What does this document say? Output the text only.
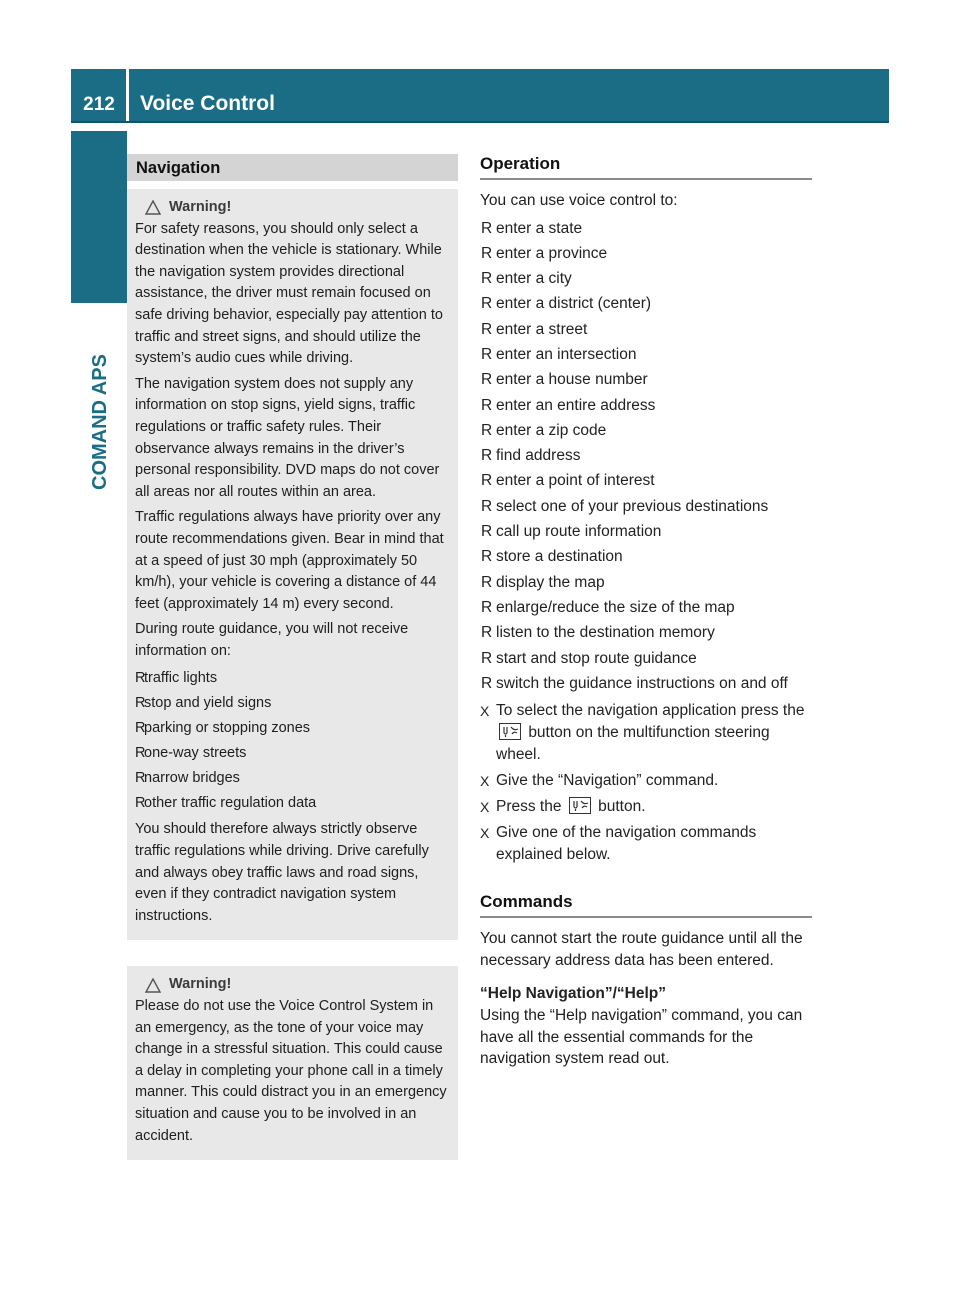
212	Voice Control
COMAND APS
Navigation
Warning!

For safety reasons, you should only select a destination when the vehicle is stationary. While the navigation system provides directional assistance, the driver must remain focused on safe driving behavior, especially pay attention to traffic and street signs, and should utilize the system’s audio cues while driving.

The navigation system does not supply any information on stop signs, yield signs, traffic regulations or traffic safety rules. Their observance always remains in the driver’s personal responsibility. DVD maps do not cover all areas nor all routes within an area.

Traffic regulations always have priority over any route recommendations given. Bear in mind that at a speed of just 30 mph (approximately 50 km/h), your vehicle is covering a distance of 44 feet (approximately 14 m) every second.

During route guidance, you will not receive information on:

R
traffic lights
R
stop and yield signs
R
parking or stopping zones
R
one-way streets
R
narrow bridges
R
other traffic regulation data

You should therefore always strictly observe traffic regulations while driving. Drive carefully and always obey traffic laws and road signs, even if they contradict navigation system instructions.

Warning!

Please do not use the Voice Control System in an emergency, as the tone of your voice may change in a stressful situation. This could cause a delay in completing your phone call in a timely manner. This could distract you in an emergency situation and cause you to be involved in an accident.

Operation

You can use voice control to:

R enter a state
R enter a province
R enter a city
R enter a district (center)
R enter a street
R enter an intersection
R enter a house number
R enter an entire address
R enter a zip code
R find address
R enter a point of interest
R select one of your previous destinations
R call up route information
R store a destination
R display the map
R enlarge/reduce the size of the map
R listen to the destination memory
R start and stop route guidance
R switch the guidance instructions on and off
X To select the navigation application press the  button on the multifunction steering wheel.
X Give the “Navigation” command.
X Press the button.
X Give one of the navigation commands explained below.
Commands

You cannot start the route guidance until all the necessary address data has been entered.

“Help Navigation”/“Help”

Using the “Help navigation” command, you can have all the essential commands for the navigation system read out.
